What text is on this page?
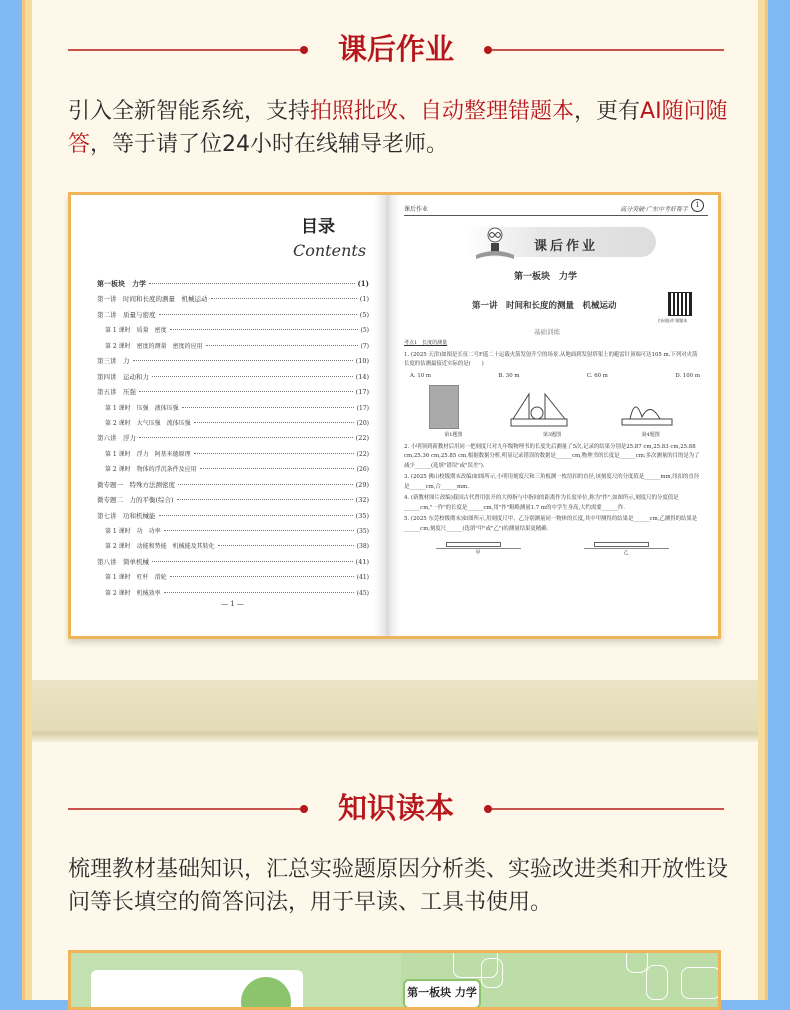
课后作业
引入全新智能系统，支持拍照批改、自动整理错题本，更有AI随问随答，等于请了位24小时在线辅导老师。
目录
Contents
第一板块　力学	(1)
第一讲　时间和长度的测量　机械运动	(1)
第二讲　质量与密度	(5)
第 1 课时　质量　密度	(5)
第 2 课时　密度的测量　密度的应用	(7)
第三讲　力	(10)
第四讲　运动和力	(14)
第五讲　压强	(17)
第 1 课时　压强　液体压强	(17)
第 2 课时　大气压强　流体压强	(20)
第六讲　浮力	(22)
第 1 课时　浮力　阿基米德原理	(22)
第 2 课时　物体的浮沉条件及应用	(26)
微专题一　特殊方法测密度	(29)
微专题二　力的平衡(综合)	(32)
第七讲　功和机械能	(35)
第 1 课时　功　功率	(35)
第 2 课时　动能和势能　机械能及其转化	(38)
第八讲　简单机械	(41)
第 1 课时　杠杆　滑轮	(41)
第 2 课时　机械效率	(45)
— 1 —
课后作业	高分突破·广东中考好帮手
1
课后作业
第一板块　力学
第一讲　时间和长度的测量　机械运动
扫码批改·错题本
基础训练
考点1　长度的测量
1. (2025 天津)如图是长征二号F遥二十运载火箭发射升空的场景.从地面到发射塔架上的避雷针顶端可达105 m.下列对火箭长度的估测最接近实际的是(　　)
A. 10 m	B. 30 m	C. 60 m	D. 100 m
第1题图	第3题图	第4题图
2. 小明领到新教材后用同一把刻度尺对九年级物理书的长度先后测量了5次,记录的结果分别是25.87 cm,25.83 cm,25.88 cm,25.36 cm,25.85 cm,根据数据分析,明显记录错误的数据是______cm,物理书的长度是______cm;多次测量的目的是为了减少______(选填"错误"或"误差").
3. (2025 佛山校级期末改编)如图所示,小明用刻度尺和三角板测一枚纽扣的直径,该刻度尺的分度值是______mm,纽扣的直径是______cm,合______mm.
4. (新教材图片改编)我国古代曾用张开的大拇指与中指间的距离作为长度单位,称为"拃",如图所示,刻度尺的分度值是______cm,"一拃"的长度是______cm,用"拃"粗略测量1.7 m的中学生身高,大约需要______拃.
5. (2025 东莞校级期末)如图所示,用刻度尺甲、乙分别测量同一物体的长度,其中甲测得的结果是______cm,乙测得的结果是______cm,刻度尺______(选填"甲"或"乙")的测量结果更精确.
甲	乙
知识读本
梳理教材基础知识，汇总实验题原因分析类、实验改进类和开放性设问等长填空的简答问法，用于早读、工具书使用。
第一板块 力学
